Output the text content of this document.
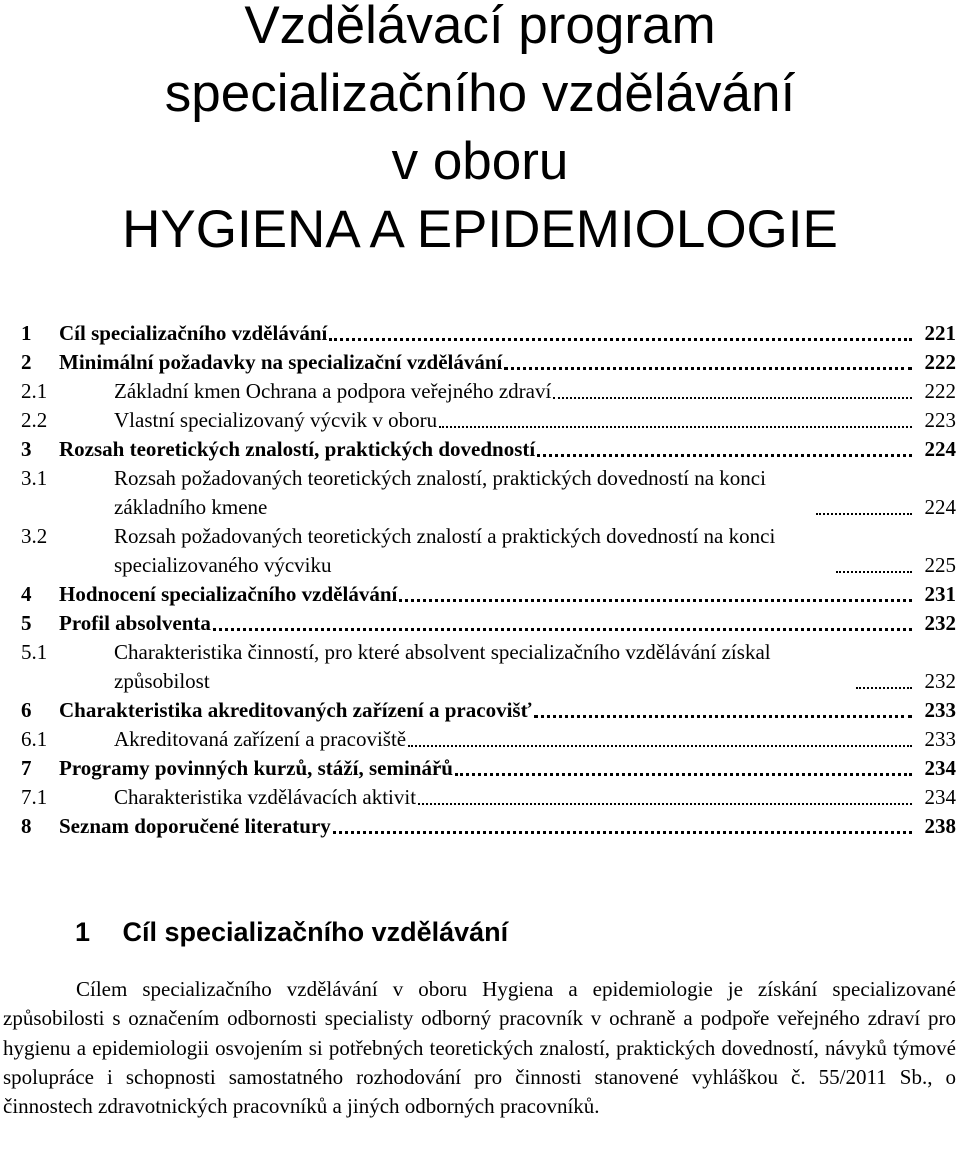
Vzdělávací program
specializačního vzdělávání
v oboru
HYGIENA A EPIDEMIOLOGIE
1	Cíl specializačního vzdělávání	221
2	Minimální požadavky na specializační vzdělávání	222
2.1	Základní kmen Ochrana a podpora veřejného zdraví	222
2.2	Vlastní specializovaný výcvik v oboru	223
3	Rozsah teoretických znalostí, praktických dovedností	224
3.1	Rozsah požadovaných teoretických znalostí, praktických dovedností na konci základního kmene	224
3.2	Rozsah požadovaných teoretických znalostí a praktických dovedností na konci specializovaného výcviku	225
4	Hodnocení specializačního vzdělávání	231
5	Profil absolventa	232
5.1	Charakteristika činností, pro které absolvent specializačního vzdělávání získal způsobilost	232
6	Charakteristika akreditovaných zařízení a pracovišť	233
6.1	Akreditovaná zařízení a pracoviště	233
7	Programy povinných kurzů, stáží, seminářů	234
7.1	Charakteristika vzdělávacích aktivit	234
8	Seznam doporučené literatury	238
1 Cíl specializačního vzdělávání

Cílem specializačního vzdělávání v oboru Hygiena a epidemiologie je získání specializované způsobilosti s označením odbornosti specialisty odborný pracovník v ochraně a podpoře veřejného zdraví pro hygienu a epidemiologii osvojením si potřebných teoretických znalostí, praktických dovedností, návyků týmové spolupráce i schopnosti samostatného rozhodování pro činnosti stanovené vyhláškou č. 55/2011 Sb., o činnostech zdravotnických pracovníků a jiných odborných pracovníků.
